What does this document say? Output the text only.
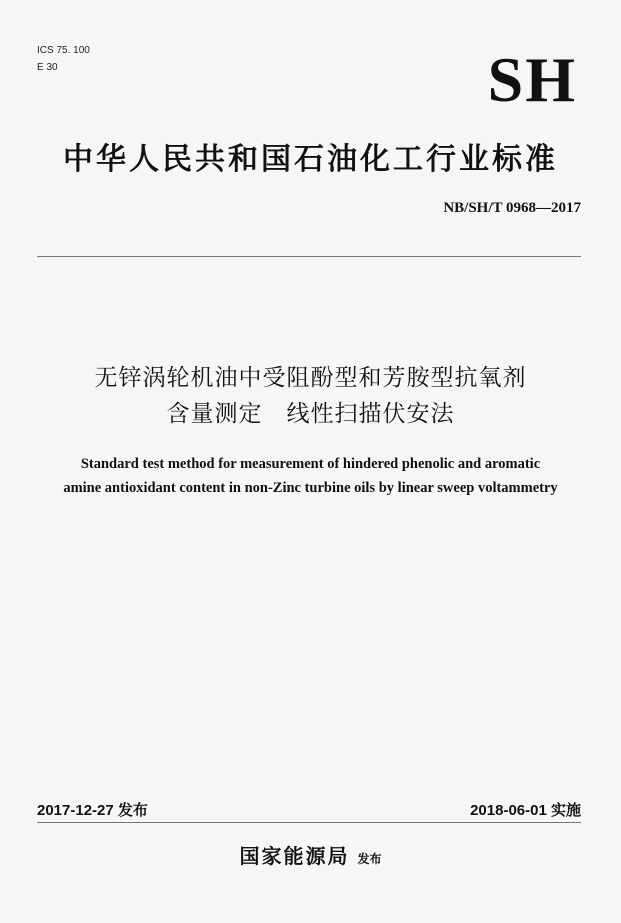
ICS 75. 100
E 30	SH
中华人民共和国石油化工行业标准
NB/SH/T 0968—2017
无锌涡轮机油中受阻酚型和芳胺型抗氧剂
含量测定　线性扫描伏安法
Standard test method for measurement of hindered phenolic and aromatic
amine antioxidant content in non-Zinc turbine oils by linear sweep voltammetry
2017-12-27 发布	2018-06-01 实施
国家能源局 发布
